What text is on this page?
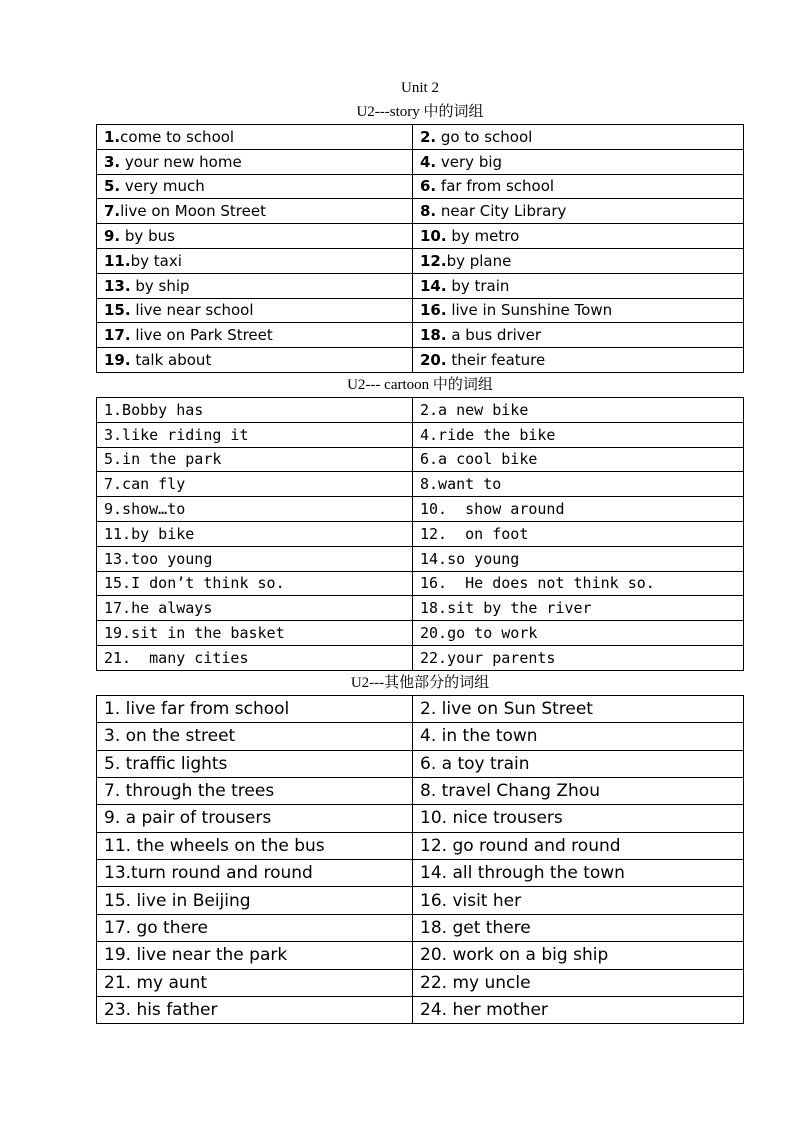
Unit 2
U2---story 中的词组
1.come to school	2. go to school
3. your new home	4. very big
5. very much	6. far from school
7.live on Moon Street	8. near City Library
9. by bus	10. by metro
11.by taxi	12.by plane
13. by ship	14. by train
15. live near school	16. live in Sunshine Town
17. live on Park Street	18. a bus driver
19. talk about	20. their feature
U2--- cartoon 中的词组
1.Bobby has	2.a new bike
3.like riding it	4.ride the bike
5.in the park	6.a cool bike
7.can fly	8.want to
9.show…to	10.  show around
11.by bike	12.  on foot
13.too young	14.so young
15.I don’t think so.	16.  He does not think so.
17.he always	18.sit by the river
19.sit in the basket	20.go to work
21.  many cities	22.your parents
U2---其他部分的词组
1. live far from school	2. live on Sun Street
3. on the street	4. in the town
5. traffic lights	6. a toy train
7. through the trees	8. travel Chang Zhou
9. a pair of trousers	10. nice trousers
11. the wheels on the bus	12. go round and round
13.turn round and round	14. all through the town
15. live in Beijing	16. visit her
17. go there	18. get there
19. live near the park	20. work on a big ship
21. my aunt	22. my uncle
23. his father	24. her mother
